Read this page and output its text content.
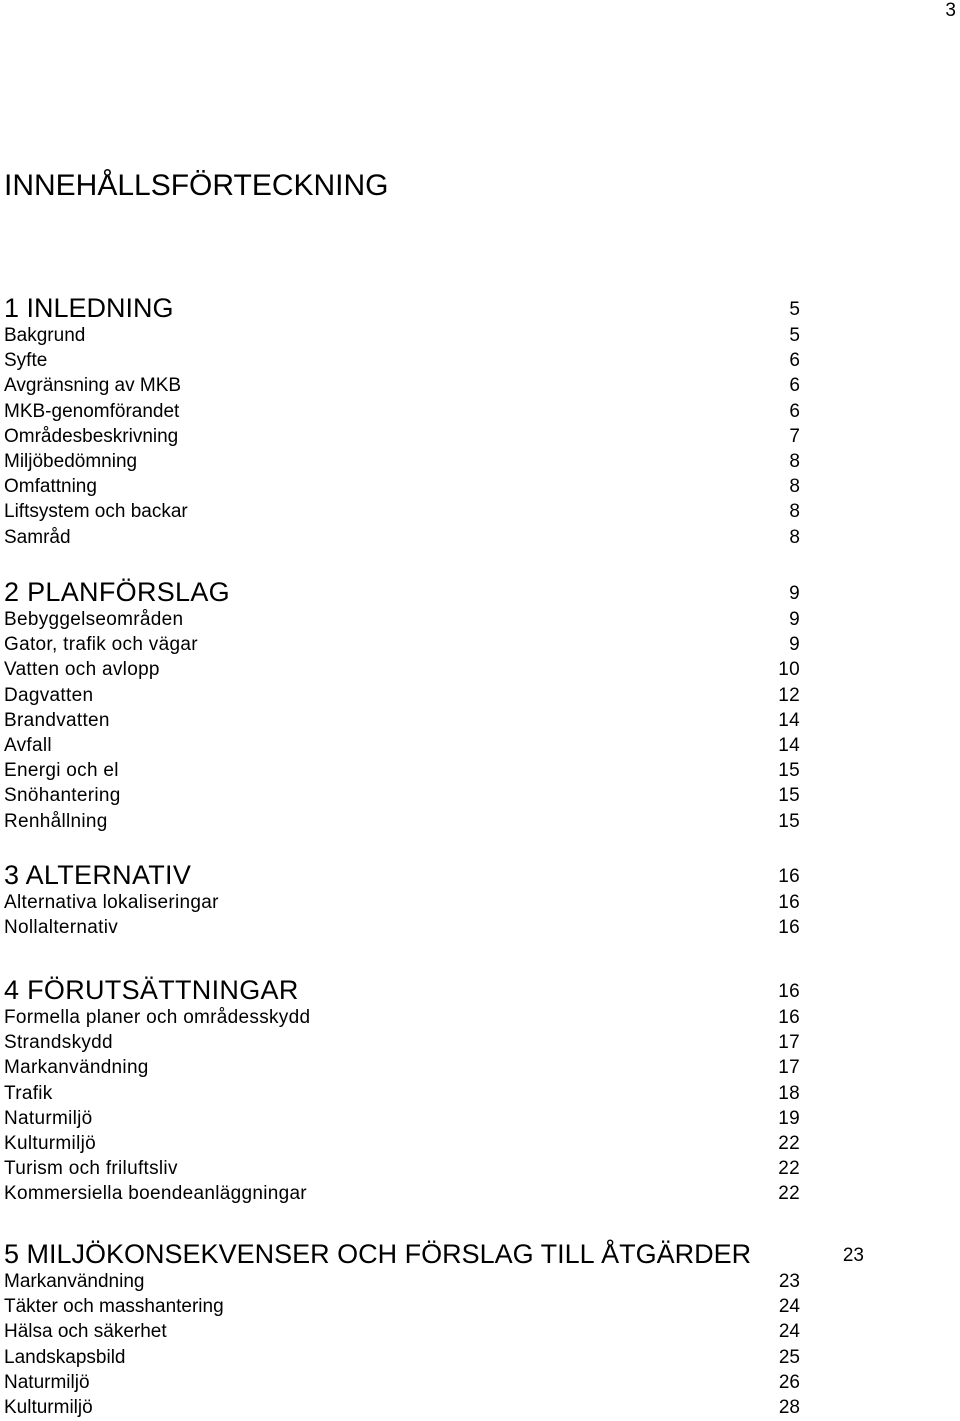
3
INNEHÅLLSFÖRTECKNING
1 INLEDNING	5
Bakgrund	5
Syfte	6
Avgränsning av MKB	6
MKB-genomförandet	6
Områdesbeskrivning	7
Miljöbedömning	8
Omfattning	8
Liftsystem och backar	8
Samråd	8
2 PLANFÖRSLAG	9
Bebyggelseområden	9
Gator, trafik och vägar	9
Vatten och avlopp	10
Dagvatten	12
Brandvatten	14
Avfall	14
Energi och el	15
Snöhantering	15
Renhållning	15
3 ALTERNATIV	16
Alternativa lokaliseringar	16
Nollalternativ	16
4 FÖRUTSÄTTNINGAR	16
Formella planer och områdesskydd	16
Strandskydd	17
Markanvändning	17
Trafik	18
Naturmiljö	19
Kulturmiljö	22
Turism och friluftsliv	22
Kommersiella boendeanläggningar	22
5 MILJÖKONSEKVENSER OCH FÖRSLAG TILL ÅTGÄRDER	23
Markanvändning	23
Täkter och masshantering	24
Hälsa och säkerhet	24
Landskapsbild	25
Naturmiljö	26
Kulturmiljö	28
